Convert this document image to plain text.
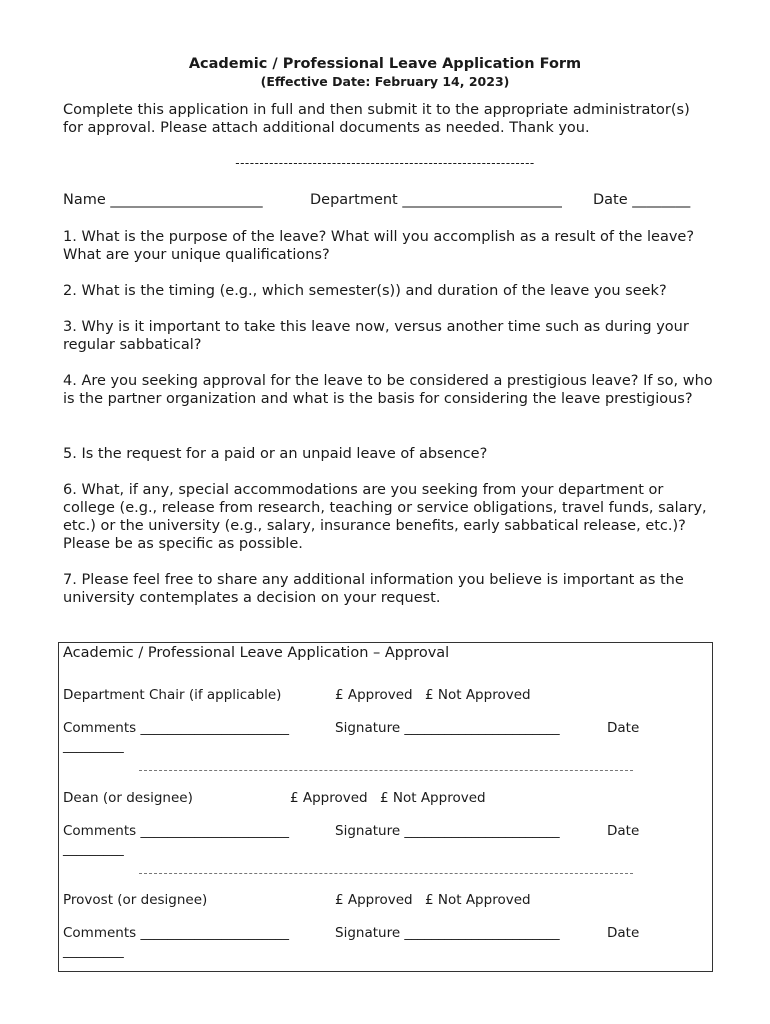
Academic / Professional Leave Application Form
(Effective Date: February 14, 2023)
Complete this application in full and then submit it to the appropriate administrator(s) for approval. Please attach additional documents as needed. Thank you.
--------------------------------------------------------------
Name _____________________	Department ______________________ Date ________
1. What is the purpose of the leave? What will you accomplish as a result of the leave? What are your unique qualifications?
2. What is the timing (e.g., which semester(s)) and duration of the leave you seek?
3. Why is it important to take this leave now, versus another time such as during your regular sabbatical?
4. Are you seeking approval for the leave to be considered a prestigious leave? If so, who is the partner organization and what is the basis for considering the leave prestigious?
5. Is the request for a paid or an unpaid leave of absence?
6. What, if any, special accommodations are you seeking from your department or college (e.g., release from research, teaching or service obligations, travel funds, salary, etc.) or the university (e.g., salary, insurance benefits, early sabbatical release, etc.)? Please be as specific as possible.
7. Please feel free to share any additional information you believe is important as the university contemplates a decision on your request.
Academic / Professional Leave Application – Approval
Department Chair (if applicable)	£ Approved £ Not Approved
Comments ______________________	Signature _______________________	Date
_________
Dean (or designee)	£ Approved £ Not Approved
Comments ______________________	Signature _______________________	Date
_________
Provost (or designee)	£ Approved £ Not Approved
Comments ______________________	Signature _______________________	Date
_________
